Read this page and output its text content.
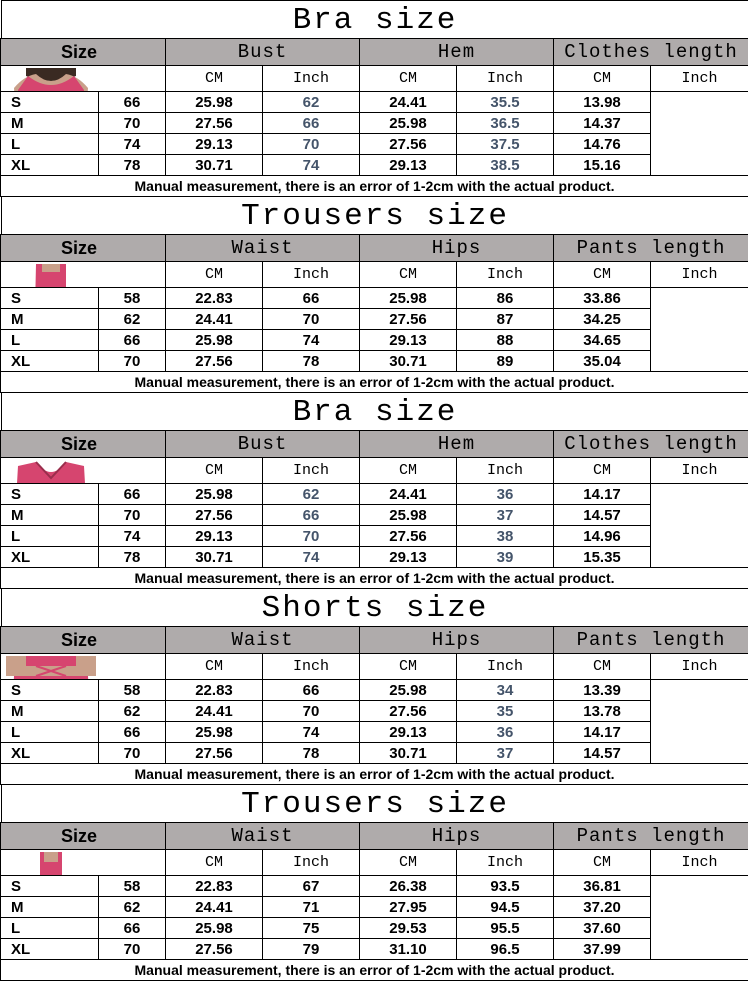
Bra size
Size		Bust		Hem		Clothes length	

		CM	Inch	CM	Inch	CM	Inch
S	66	25.98	62	24.41	35.5	13.98	
M	70	27.56	66	25.98	36.5	14.37	
L	74	29.13	70	27.56	37.5	14.76	
XL	78	30.71	74	29.13	38.5	15.16	
Manual measurement, there is an error of 1-2cm with the actual product.							
Trousers size
Size		Waist		Hips		Pants length	

		CM	Inch	CM	Inch	CM	Inch
S	58	22.83	66	25.98	86	33.86	
M	62	24.41	70	27.56	87	34.25	
L	66	25.98	74	29.13	88	34.65	
XL	70	27.56	78	30.71	89	35.04	
Manual measurement, there is an error of 1-2cm with the actual product.							
Bra size
Size		Bust		Hem		Clothes length	

		CM	Inch	CM	Inch	CM	Inch
S	66	25.98	62	24.41	36	14.17	
M	70	27.56	66	25.98	37	14.57	
L	74	29.13	70	27.56	38	14.96	
XL	78	30.71	74	29.13	39	15.35	
Manual measurement, there is an error of 1-2cm with the actual product.							
Shorts size
Size		Waist		Hips		Pants length	

		CM	Inch	CM	Inch	CM	Inch
S	58	22.83	66	25.98	34	13.39	
M	62	24.41	70	27.56	35	13.78	
L	66	25.98	74	29.13	36	14.17	
XL	70	27.56	78	30.71	37	14.57	
Manual measurement, there is an error of 1-2cm with the actual product.							
Trousers size
Size		Waist		Hips		Pants length	

		CM	Inch	CM	Inch	CM	Inch
S	58	22.83	67	26.38	93.5	36.81	
M	62	24.41	71	27.95	94.5	37.20	
L	66	25.98	75	29.53	95.5	37.60	
XL	70	27.56	79	31.10	96.5	37.99	
Manual measurement, there is an error of 1-2cm with the actual product.							
